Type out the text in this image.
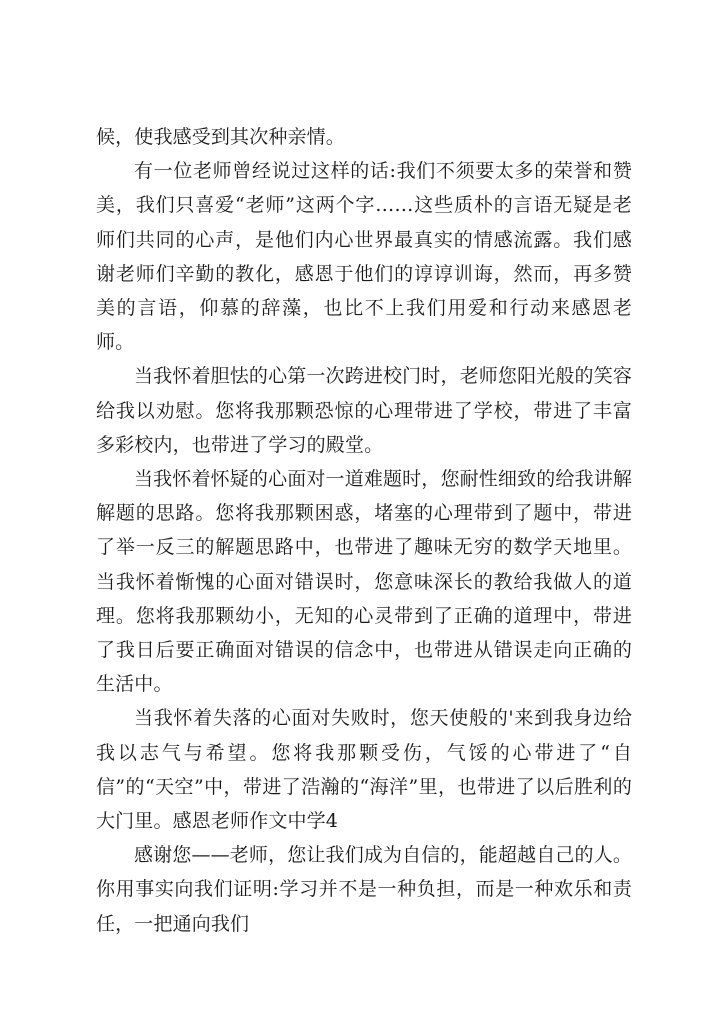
候，使我感受到其次种亲情。

有一位老师曾经说过这样的话:我们不须要太多的荣誉和赞美，我们只喜爱“老师”这两个字……这些质朴的言语无疑是老师们共同的心声，是他们内心世界最真实的情感流露。我们感谢老师们辛勤的教化，感恩于他们的谆谆训诲，然而，再多赞美的言语，仰慕的辞藻，也比不上我们用爱和行动来感恩老师。

当我怀着胆怯的心第一次跨进校门时，老师您阳光般的笑容给我以劝慰。您将我那颗恐惊的心理带进了学校，带进了丰富多彩校内，也带进了学习的殿堂。

当我怀着怀疑的心面对一道难题时，您耐性细致的给我讲解解题的思路。您将我那颗困惑，堵塞的心理带到了题中，带进了举一反三的解题思路中，也带进了趣味无穷的数学天地里。当我怀着惭愧的心面对错误时，您意味深长的教给我做人的道理。您将我那颗幼小，无知的心灵带到了正确的道理中，带进了我日后要正确面对错误的信念中，也带进从错误走向正确的生活中。

当我怀着失落的心面对失败时，您天使般的'来到我身边给我以志气与希望。您将我那颗受伤，气馁的心带进了“自信”的“天空”中，带进了浩瀚的“海洋”里，也带进了以后胜利的大门里。感恩老师作文中学4

感谢您——老师，您让我们成为自信的，能超越自己的人。你用事实向我们证明:学习并不是一种负担，而是一种欢乐和责任，一把通向我们
